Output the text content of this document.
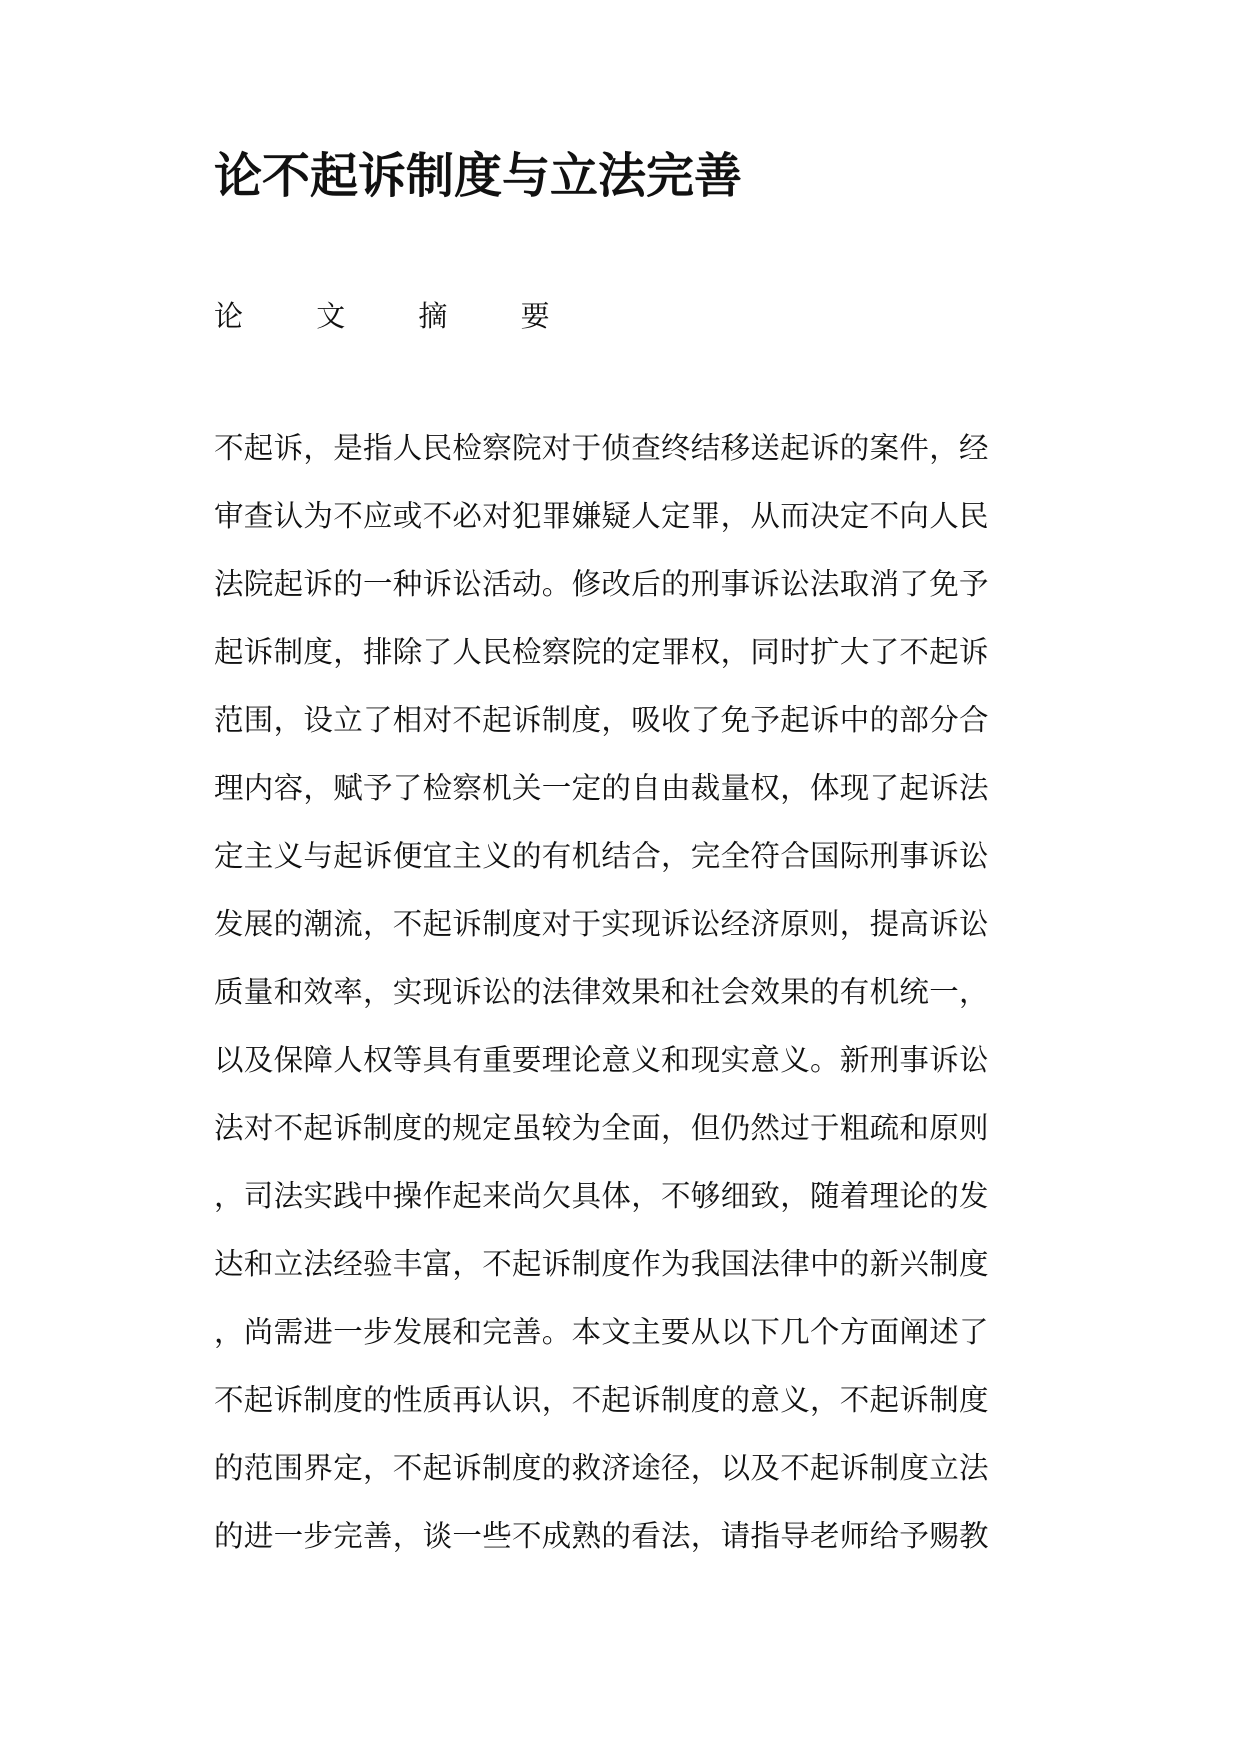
论不起诉制度与立法完善
论 文 摘 要
不起诉，是指人民检察院对于侦查终结移送起诉的案件，经
审查认为不应或不必对犯罪嫌疑人定罪，从而决定不向人民
法院起诉的一种诉讼活动。修改后的刑事诉讼法取消了免予
起诉制度，排除了人民检察院的定罪权，同时扩大了不起诉
范围，设立了相对不起诉制度，吸收了免予起诉中的部分合
理内容，赋予了检察机关一定的自由裁量权，体现了起诉法
定主义与起诉便宜主义的有机结合，完全符合国际刑事诉讼
发展的潮流，不起诉制度对于实现诉讼经济原则，提高诉讼
质量和效率，实现诉讼的法律效果和社会效果的有机统一，
以及保障人权等具有重要理论意义和现实意义。新刑事诉讼
法对不起诉制度的规定虽较为全面，但仍然过于粗疏和原则
，司法实践中操作起来尚欠具体，不够细致，随着理论的发
达和立法经验丰富，不起诉制度作为我国法律中的新兴制度
，尚需进一步发展和完善。本文主要从以下几个方面阐述了
不起诉制度的性质再认识，不起诉制度的意义，不起诉制度
的范围界定，不起诉制度的救济途径，以及不起诉制度立法
的进一步完善，谈一些不成熟的看法，请指导老师给予赐教
